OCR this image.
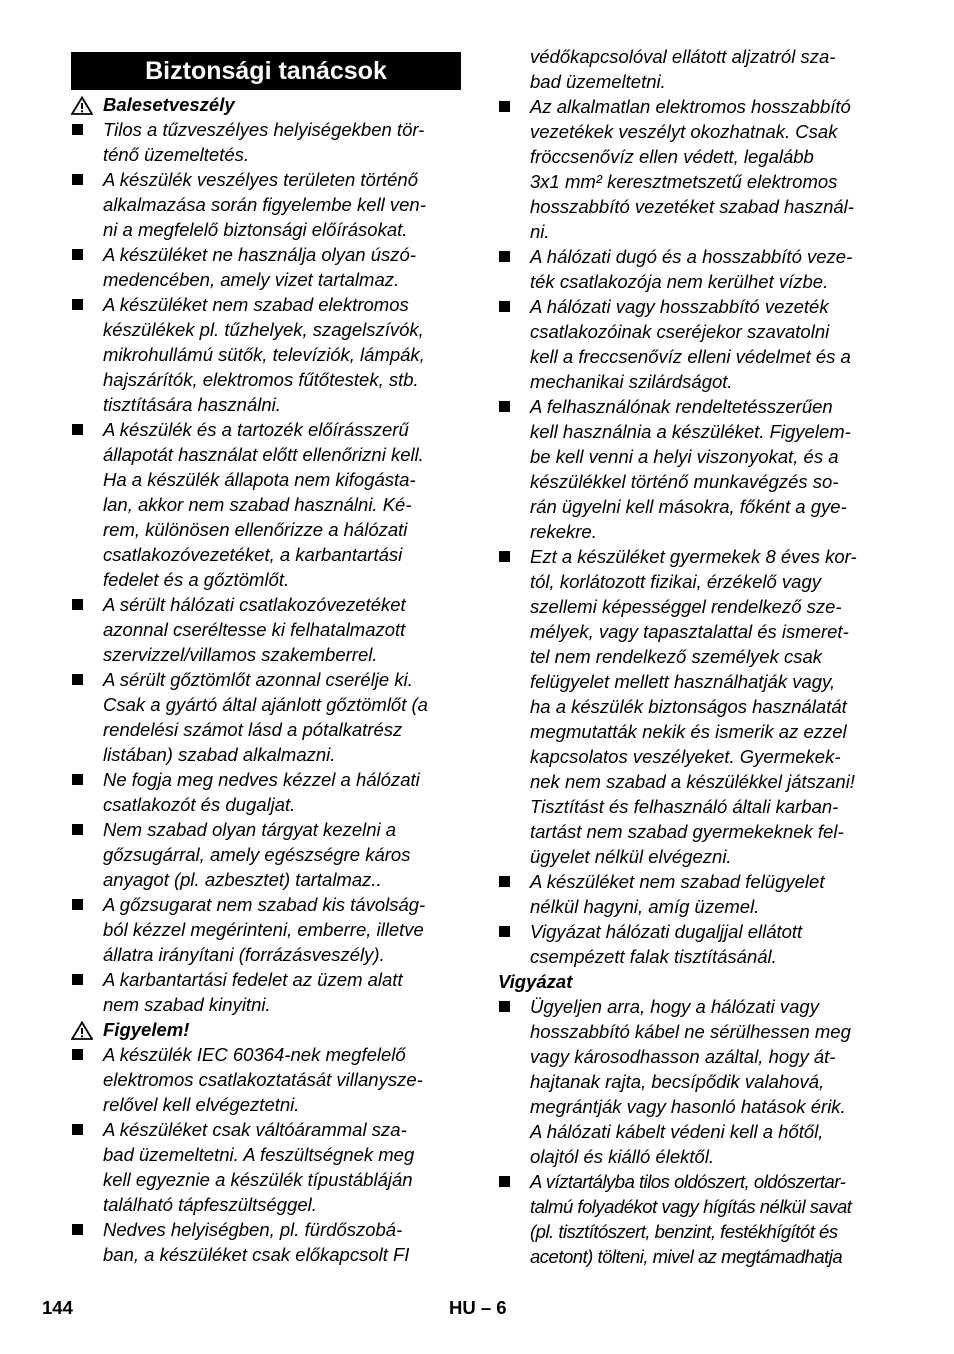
Biztonsági tanácsok
Balesetveszély
Tilos a tűzveszélyes helyiségekben tör-
ténő üzemeltetés.
A készülék veszélyes területen történő
alkalmazása során figyelembe kell ven-
ni a megfelelő biztonsági előírásokat.
A készüléket ne használja olyan úszó-
medencében, amely vizet tartalmaz.
A készüléket nem szabad elektromos
készülékek pl. tűzhelyek, szagelszívók,
mikrohullámú sütők, televíziók, lámpák,
hajszárítók, elektromos fűtőtestek, stb.
tisztítására használni.
A készülék és a tartozék előírásszerű
állapotát használat előtt ellenőrizni kell.
Ha a készülék állapota nem kifogásta-
lan, akkor nem szabad használni. Ké-
rem, különösen ellenőrizze a hálózati
csatlakozóvezetéket, a karbantartási
fedelet és a gőztömlőt.
A sérült hálózati csatlakozóvezetéket
azonnal cseréltesse ki felhatalmazott
szervizzel/villamos szakemberrel.
A sérült gőztömlőt azonnal cserélje ki.
Csak a gyártó által ajánlott gőztömlőt (a
rendelési számot lásd a pótalkatrész
listában) szabad alkalmazni.
Ne fogja meg nedves kézzel a hálózati
csatlakozót és dugaljat.
Nem szabad olyan tárgyat kezelni a
gőzsugárral, amely egészségre káros
anyagot (pl. azbesztet) tartalmaz..
A gőzsugarat nem szabad kis távolság-
ból kézzel megérinteni, emberre, illetve
állatra irányítani (forrázásveszély).
A karbantartási fedelet az üzem alatt
nem szabad kinyitni.
Figyelem!
A készülék IEC 60364-nek megfelelő
elektromos csatlakoztatását villanysze-
relővel kell elvégeztetni.
A készüléket csak váltóárammal sza-
bad üzemeltetni. A feszültségnek meg
kell egyeznie a készülék típustábláján
található tápfeszültséggel.
Nedves helyiségben, pl. fürdőszobá-
ban, a készüléket csak előkapcsolt FI
védőkapcsolóval ellátott aljzatról sza-
bad üzemeltetni.
Az alkalmatlan elektromos hosszabbító
vezetékek veszélyt okozhatnak. Csak
fröccsenővíz ellen védett, legalább
3x1 mm² keresztmetszetű elektromos
hosszabbító vezetéket szabad használ-
ni.
A hálózati dugó és a hosszabbító veze-
ték csatlakozója nem kerülhet vízbe.
A hálózati vagy hosszabbító vezeték
csatlakozóinak cseréjekor szavatolni
kell a freccsenővíz elleni védelmet és a
mechanikai szilárdságot.
A felhasználónak rendeltetésszerűen
kell használnia a készüléket. Figyelem-
be kell venni a helyi viszonyokat, és a
készülékkel történő munkavégzés so-
rán ügyelni kell másokra, főként a gye-
rekekre.
Ezt a készüléket gyermekek 8 éves kor-
tól, korlátozott fizikai, érzékelő vagy
szellemi képességgel rendelkező sze-
mélyek, vagy tapasztalattal és ismeret-
tel nem rendelkező személyek csak
felügyelet mellett használhatják vagy,
ha a készülék biztonságos használatát
megmutatták nekik és ismerik az ezzel
kapcsolatos veszélyeket. Gyermekek-
nek nem szabad a készülékkel játszani!
Tisztítást és felhasználó általi karban-
tartást nem szabad gyermekeknek fel-
ügyelet nélkül elvégezni.
A készüléket nem szabad felügyelet
nélkül hagyni, amíg üzemel.
Vigyázat hálózati dugaljjal ellátott
csempézett falak tisztításánál.
Vigyázat
Ügyeljen arra, hogy a hálózati vagy
hosszabbító kábel ne sérülhessen meg
vagy károsodhasson azáltal, hogy át-
hajtanak rajta, becsípődik valahová,
megrántják vagy hasonló hatások érik.
A hálózati kábelt védeni kell a hőtől,
olajtól és kiálló élektől.
A víztartályba tilos oldószert, oldószertar-
talmú folyadékot vagy hígítás nélkül savat
(pl. tisztítószert, benzint, festékhígítót és
acetont) tölteni, mivel az megtámadhatja
144	HU – 6
